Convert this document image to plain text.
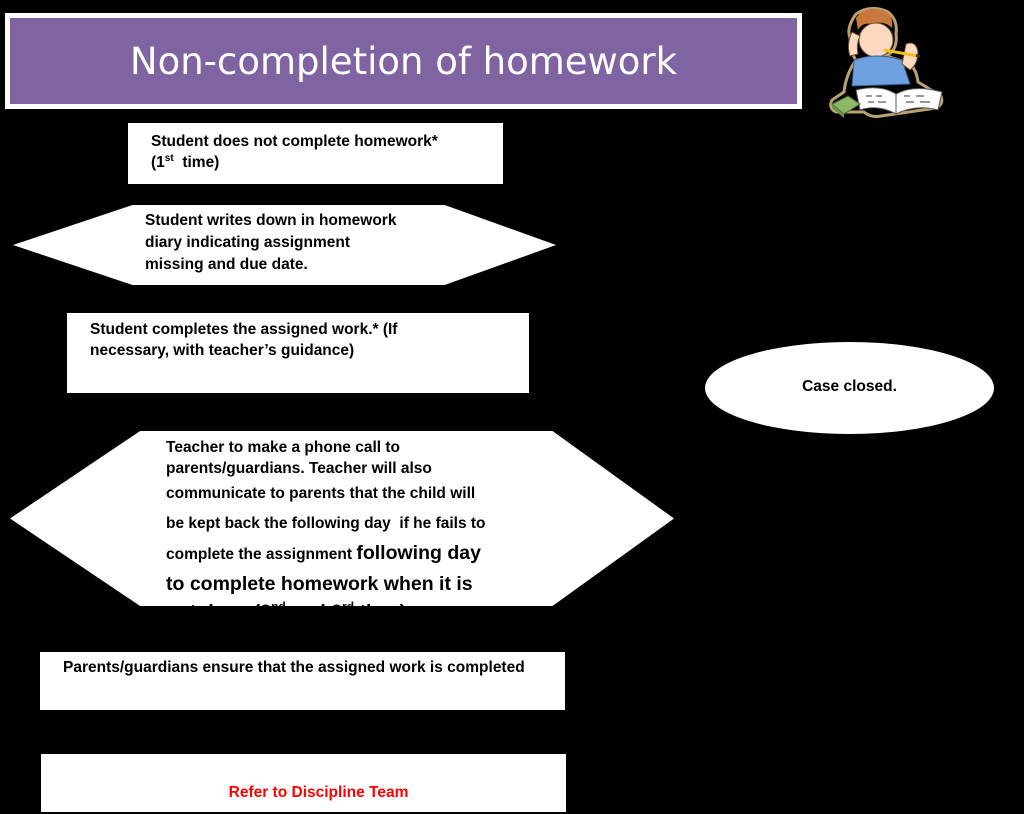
Non-completion of homework
Student does not complete homework*
(1st  time)
Student writes down in homework
diary indicating assignment
missing and due date.
Student completes the assigned work.* (If
necessary, with teacher’s guidance)
Case closed.
Teacher to make a phone call to
parents/guardians. Teacher will also
communicate to parents that the child will
be kept back the following day  if he fails to
complete the assignment following day
to complete homework when it is
not done (2nd and 3rd time)
Parents/guardians ensure that the assigned work is completed
Refer to Discipline Team
